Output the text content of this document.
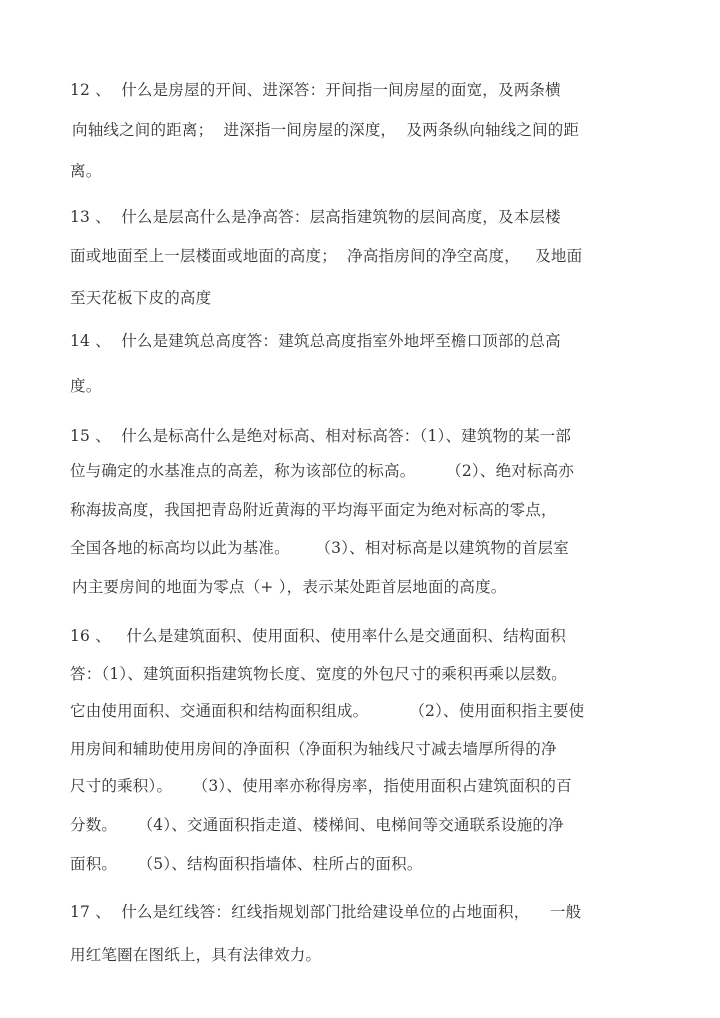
12 、  什么是房屋的开间、进深答：开间指一间房屋的面宽，及两条横
向轴线之间的距离；  进深指一间房屋的深度，  及两条纵向轴线之间的距
离。
13 、  什么是层高什么是净高答：层高指建筑物的层间高度，及本层楼
面或地面至上一层楼面或地面的高度；  净高指房间的净空高度，   及地面
至天花板下皮的高度
14 、  什么是建筑总高度答：建筑总高度指室外地坪至檐口顶部的总高
度。
15 、  什么是标高什么是绝对标高、相对标高答：（1）、建筑物的某一部
位与确定的水基准点的高差，称为该部位的标高。      （2）、绝对标高亦
称海拔高度，我国把青岛附近黄海的平均海平面定为绝对标高的零点，
全国各地的标高均以此为基准。     （3）、相对标高是以建筑物的首层室
内主要房间的地面为零点（+ ），表示某处距首层地面的高度。
16 、   什么是建筑面积、使用面积、使用率什么是交通面积、结构面积
答：（1）、建筑面积指建筑物长度、宽度的外包尺寸的乘积再乘以层数。
它由使用面积、交通面积和结构面积组成。        （2）、使用面积指主要使
用房间和辅助使用房间的净面积（净面积为轴线尺寸减去墙厚所得的净
尺寸的乘积）。    （3）、使用率亦称得房率，指使用面积占建筑面积的百
分数。    （4）、交通面积指走道、楼梯间、电梯间等交通联系设施的净
面积。    （5）、结构面积指墙体、柱所占的面积。
17 、  什么是红线答：红线指规划部门批给建设单位的占地面积，    一般
用红笔圈在图纸上，具有法律效力。
